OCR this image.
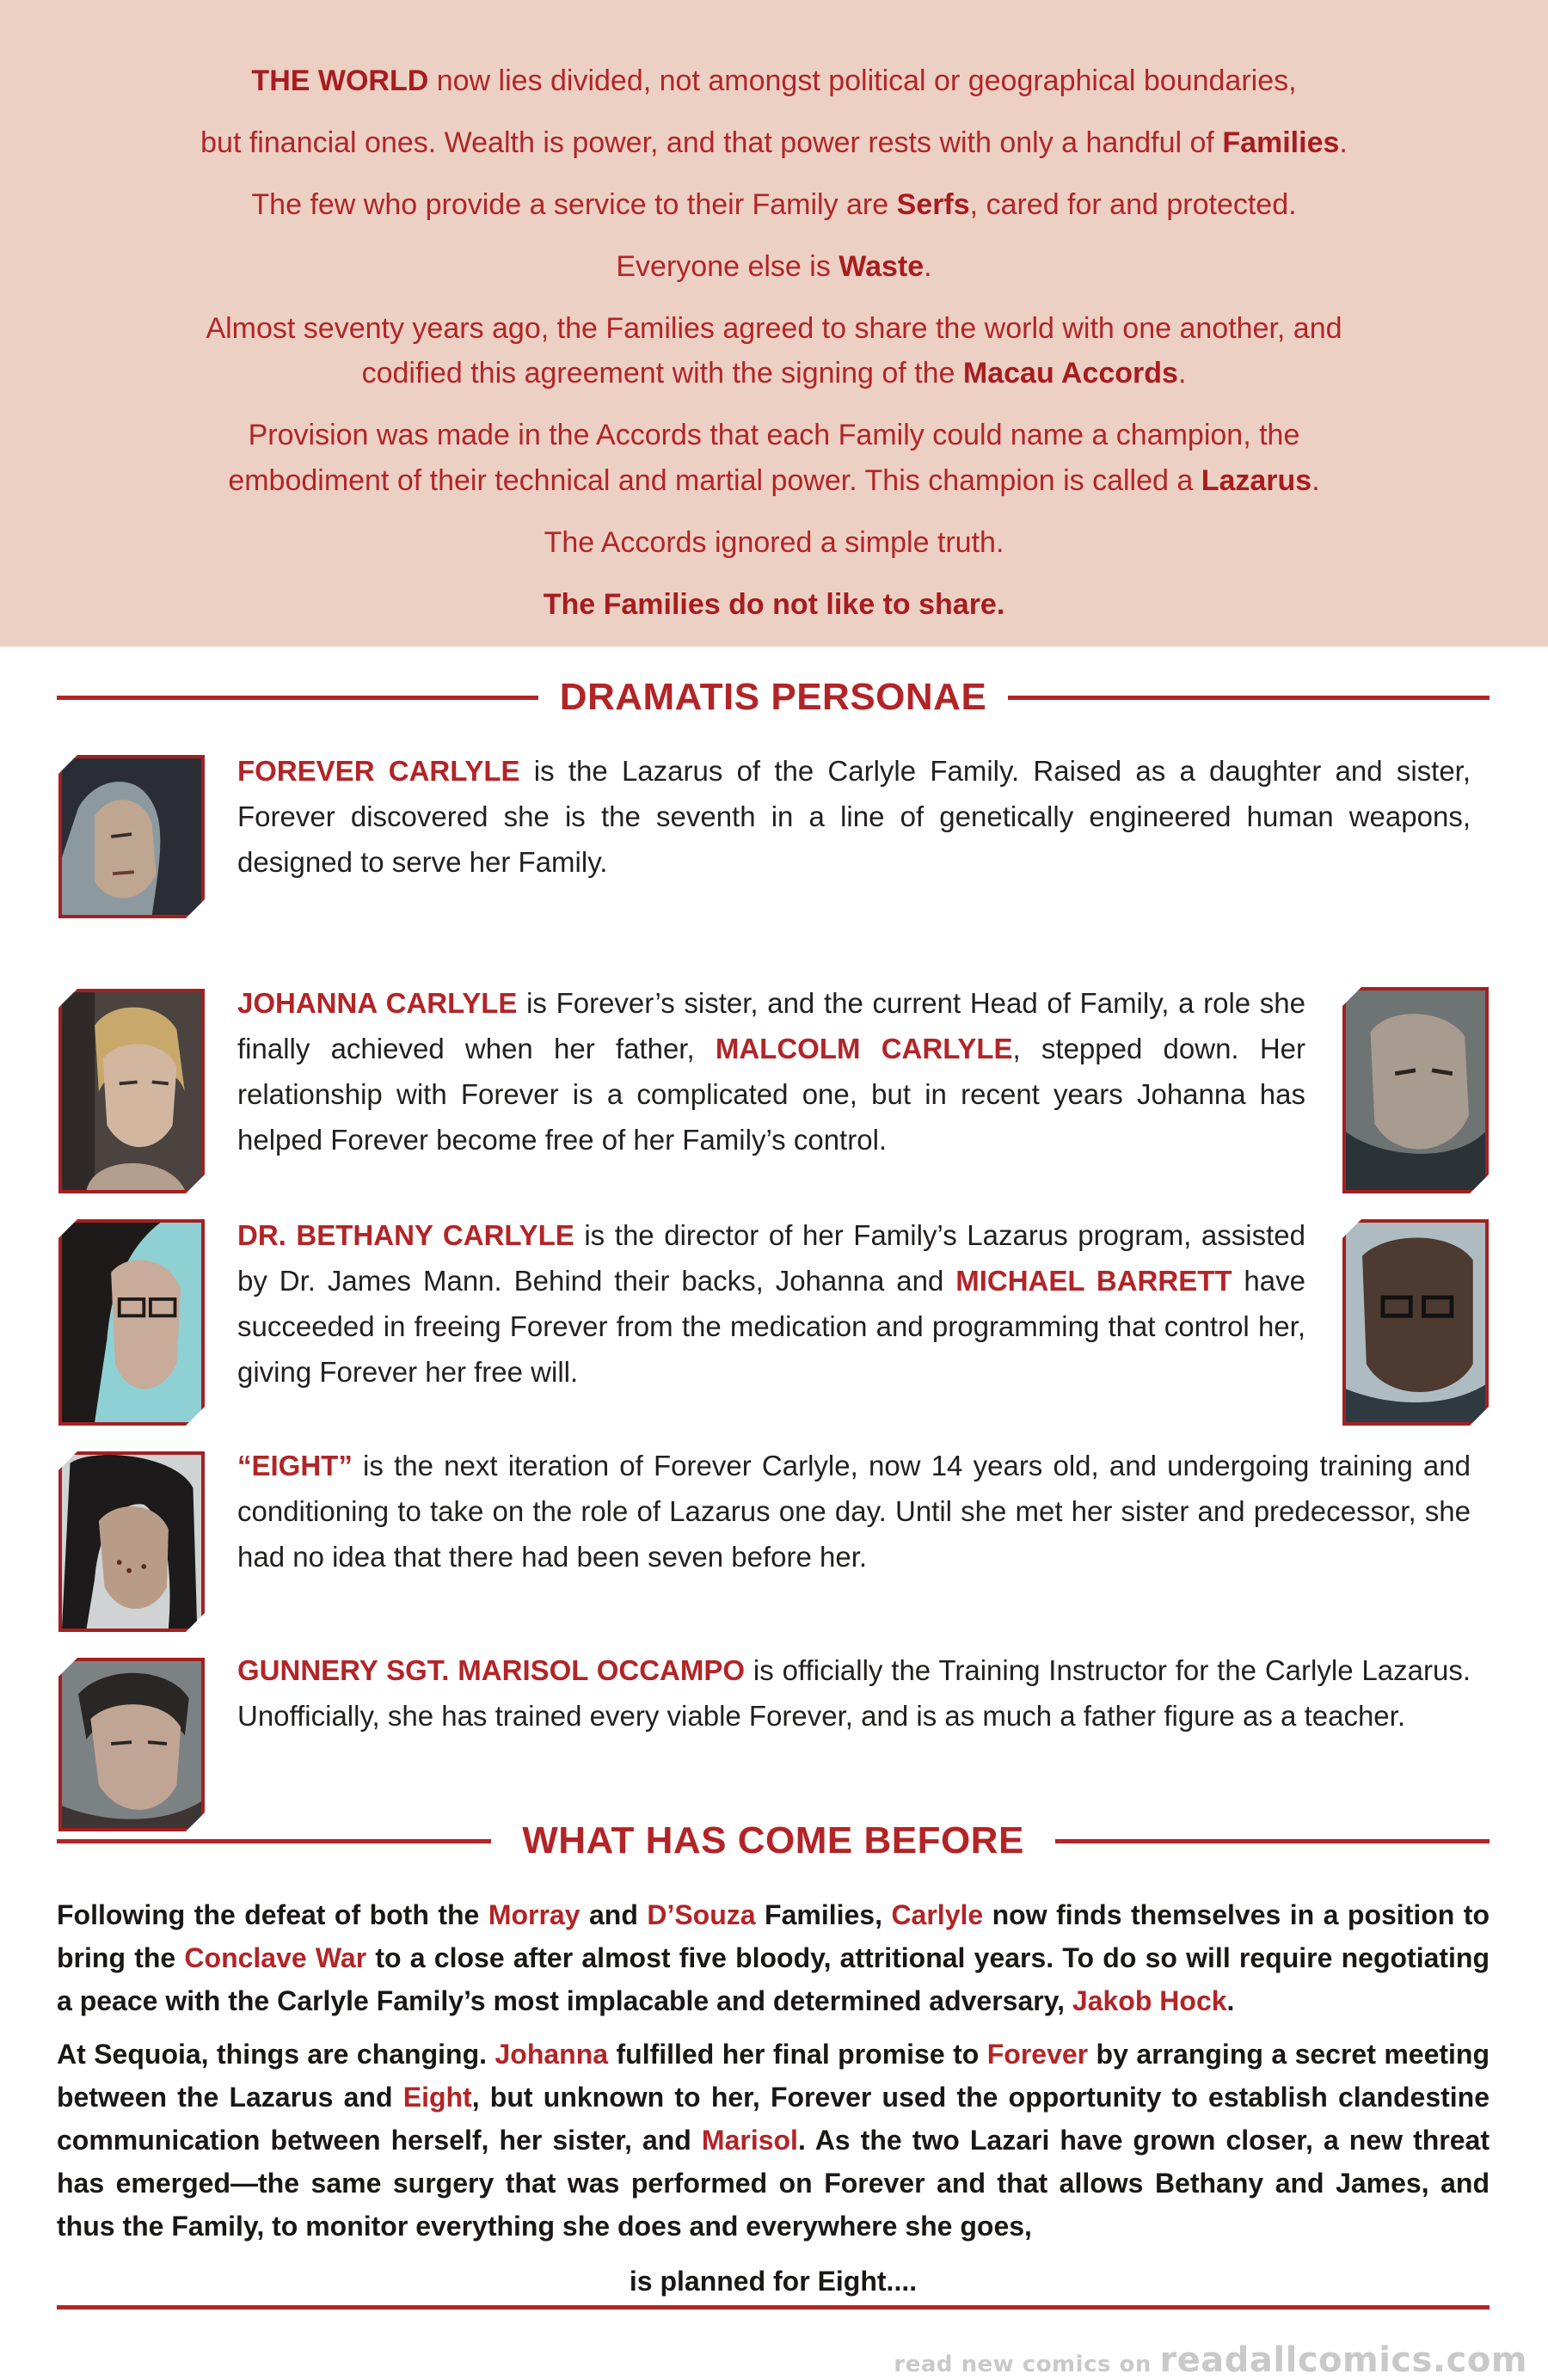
THE WORLD now lies divided, not amongst political or geographical boundaries,

but financial ones. Wealth is power, and that power rests with only a handful of Families.

The few who provide a service to their Family are Serfs, cared for and protected.

Everyone else is Waste.

Almost seventy years ago, the Families agreed to share the world with one another, and

codified this agreement with the signing of the Macau Accords.

Provision was made in the Accords that each Family could name a champion, the

embodiment of their technical and martial power. This champion is called a Lazarus.

The Accords ignored a simple truth.

The Families do not like to share.

DRAMATIS PERSONAE

FOREVER CARLYLE is the Lazarus of the Carlyle Family. Raised as a daughter and sister, Forever discovered she is the seventh in a line of genetically engineered human weapons, designed to serve her Family.

JOHANNA CARLYLE is Forever’s sister, and the current Head of Family, a role she finally achieved when her father, MALCOLM CARLYLE, stepped down. Her relationship with Forever is a complicated one, but in recent years Johanna has helped Forever become free of her Family’s control.

DR. BETHANY CARLYLE is the director of her Family’s Lazarus program, assisted by Dr. James Mann. Behind their backs, Johanna and MICHAEL BARRETT have succeeded in freeing Forever from the medication and programming that control her, giving Forever her free will.

“EIGHT” is the next iteration of Forever Carlyle, now 14 years old, and undergoing training and conditioning to take on the role of Lazarus one day. Until she met her sister and predecessor, she had no idea that there had been seven before her.

GUNNERY SGT. MARISOL OCCAMPO is officially the Training Instructor for the Carlyle Lazarus. Unofficially, she has trained every viable Forever, and is as much a father figure as a teacher.

WHAT HAS COME BEFORE

Following the defeat of both the Morray and D’Souza Families, Carlyle now finds themselves in a position to bring the Conclave War to a close after almost five bloody, attritional years. To do so will require negotiating a peace with the Carlyle Family’s most implacable and determined adversary, Jakob Hock.

At Sequoia, things are changing. Johanna fulfilled her final promise to Forever by arranging a secret meeting between the Lazarus and Eight, but unknown to her, Forever used the opportunity to establish clandestine communication between herself, her sister, and Marisol. As the two Lazari have grown closer, a new threat has emerged—the same surgery that was performed on Forever and that allows Bethany and James, and thus the Family, to monitor everything she does and everywhere she goes,

is planned for Eight....

read new comics on readallcomics.com
